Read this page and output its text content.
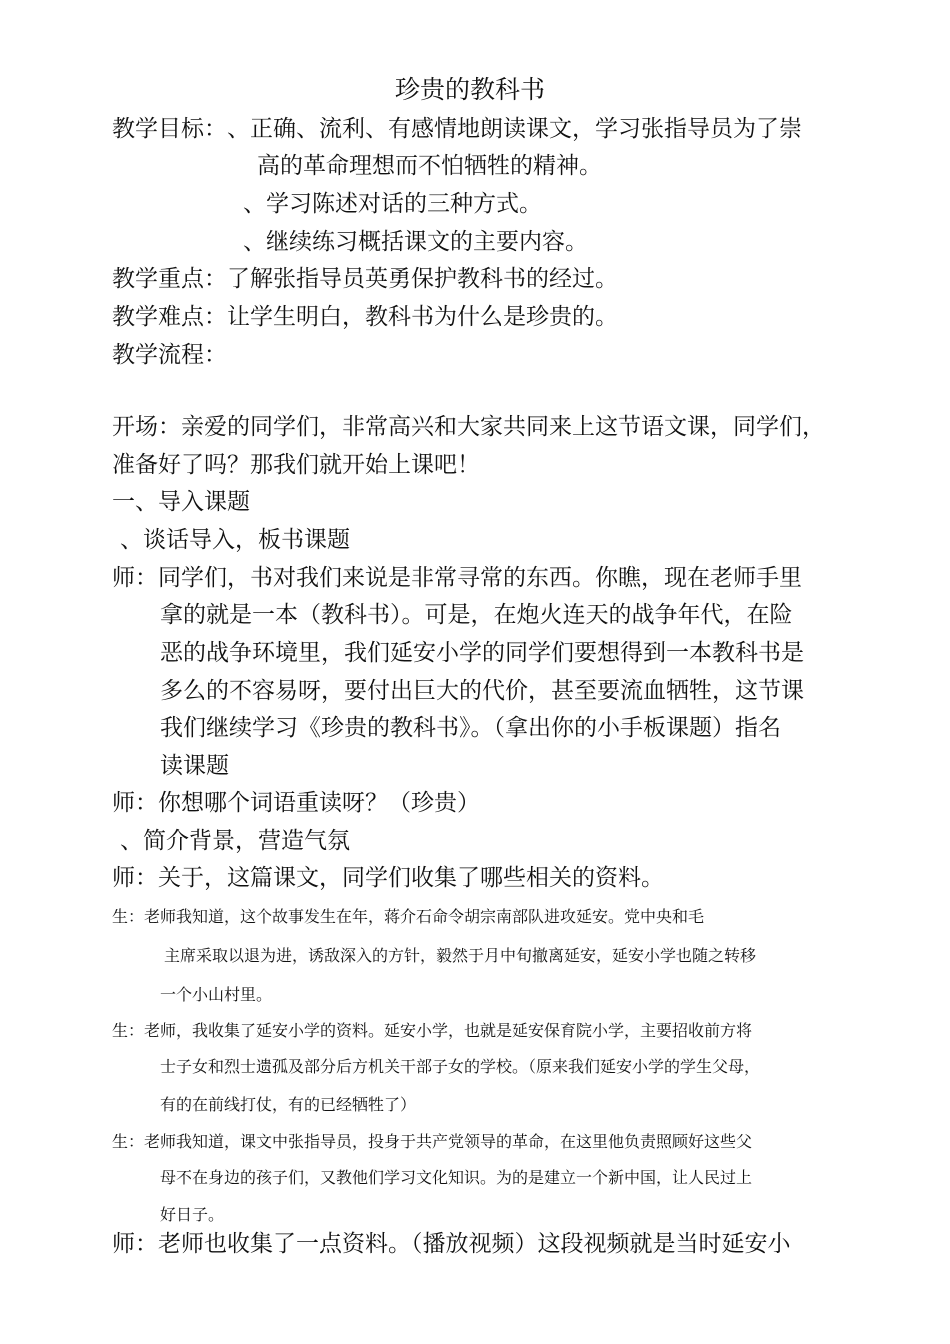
珍贵的教科书
教学目标： 、正确、流利、有感情地朗读课文，学习张指导员为了崇
高的革命理想而不怕牺牲的精神。
、学习陈述对话的三种方式。
、继续练习概括课文的主要内容。
教学重点：了解张指导员英勇保护教科书的经过。
教学难点：让学生明白，教科书为什么是珍贵的。
教学流程：
开场：亲爱的同学们，非常高兴和大家共同来上这节语文课，同学们，
准备好了吗？那我们就开始上课吧！
一、导入课题
、谈话导入，板书课题
师：同学们，书对我们来说是非常寻常的东西。你瞧，现在老师手里
拿的就是一本（教科书）。可是，在炮火连天的战争年代，在险
恶的战争环境里，我们延安小学的同学们要想得到一本教科书是
多么的不容易呀，要付出巨大的代价，甚至要流血牺牲，这节课
我们继续学习《珍贵的教科书》。（拿出你的小手板课题）指名
读课题
师：你想哪个词语重读呀？（珍贵）
、简介背景，营造气氛
师：关于，这篇课文，同学们收集了哪些相关的资料。
生：老师我知道，这个故事发生在年，蒋介石命令胡宗南部队进攻延安。党中央和毛
主席采取以退为进，诱敌深入的方针，毅然于月中旬撤离延安，延安小学也随之转移
一个小山村里。
生：老师，我收集了延安小学的资料。延安小学，也就是延安保育院小学，主要招收前方将
士子女和烈士遗孤及部分后方机关干部子女的学校。（原来我们延安小学的学生父母，
有的在前线打仗，有的已经牺牲了）
生：老师我知道，课文中张指导员，投身于共产党领导的革命，在这里他负责照顾好这些父
母不在身边的孩子们，又教他们学习文化知识。为的是建立一个新中国，让人民过上
好日子。
师：老师也收集了一点资料。（播放视频）这段视频就是当时延安小
